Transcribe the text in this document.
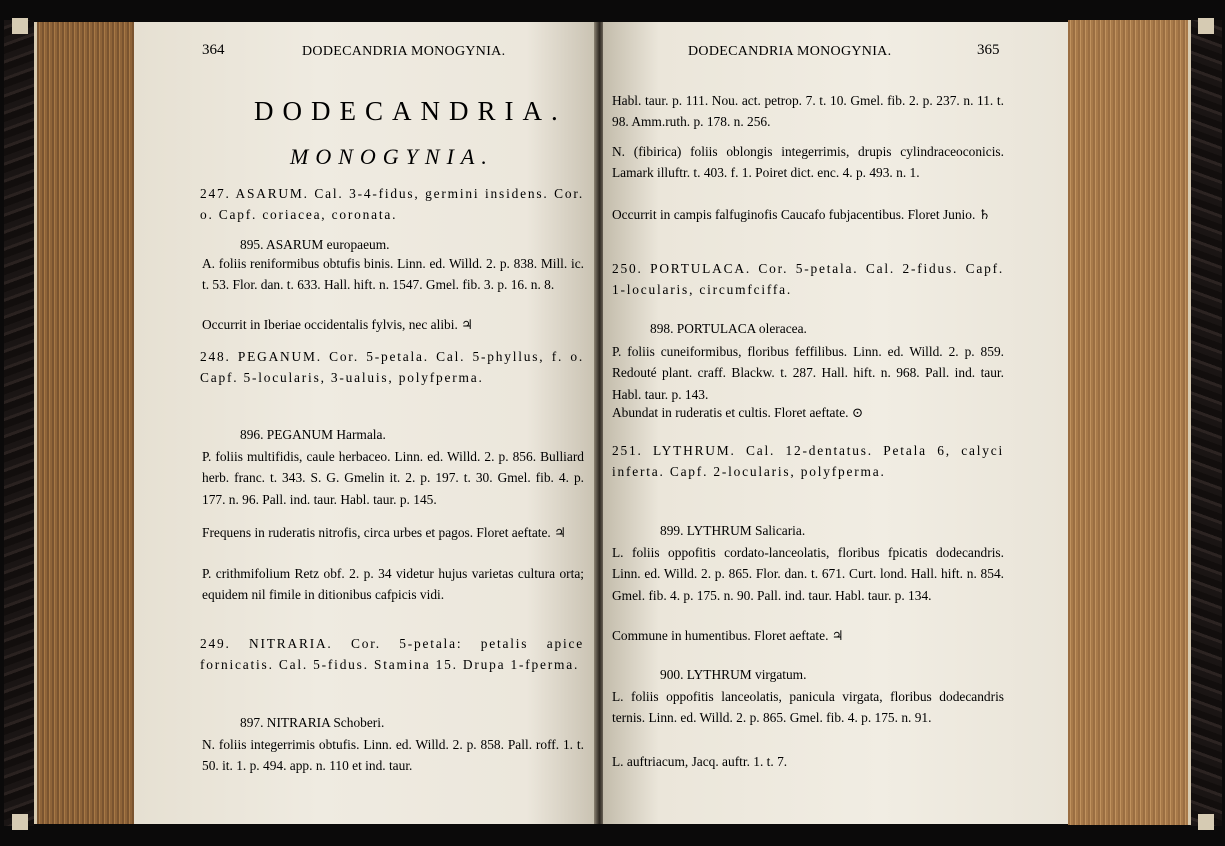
364	DODECANDRIA MONOGYNIA.
DODECANDRIA.
MONOGYNIA.
247. ASARUM. Cal. 3-4-fidus, germini insidens. Cor. o. Capf. coriacea, coronata.
895. ASARUM europaeum.
A. foliis reniformibus obtufis binis. Linn. ed. Willd. 2. p. 838. Mill. ic. t. 53. Flor. dan. t. 633. Hall. hift. n. 1547. Gmel. fib. 3. p. 16. n. 8.
Occurrit in Iberiae occidentalis fylvis, nec alibi. ♃
248. PEGANUM. Cor. 5-petala. Cal. 5-phyllus, f. o. Capf. 5-locularis, 3-ualuis, polyfperma.
896. PEGANUM Harmala.
P. foliis multifidis, caule herbaceo. Linn. ed. Willd. 2. p. 856. Bulliard herb. franc. t. 343. S. G. Gmelin it. 2. p. 197. t. 30. Gmel. fib. 4. p. 177. n. 96. Pall. ind. taur. Habl. taur. p. 145.
Frequens in ruderatis nitrofis, circa urbes et pagos. Floret aeftate. ♃
P. crithmifolium Retz obf. 2. p. 34 videtur hujus varietas cultura orta; equidem nil fimile in ditionibus cafpicis vidi.
249. NITRARIA. Cor. 5-petala: petalis apice fornicatis. Cal. 5-fidus. Stamina 15. Drupa 1-fperma.
897. NITRARIA Schoberi.
N. foliis integerrimis obtufis. Linn. ed. Willd. 2. p. 858. Pall. roff. 1. t. 50. it. 1. p. 494. app. n. 110 et ind. taur.
DODECANDRIA MONOGYNIA.	365
Habl. taur. p. 111. Nou. act. petrop. 7. t. 10. Gmel. fib. 2. p. 237. n. 11. t. 98. Amm.ruth. p. 178. n. 256.
N. (fibirica) foliis oblongis integerrimis, drupis cylindraceoconicis. Lamark illuftr. t. 403. f. 1. Poiret dict. enc. 4. p. 493. n. 1.
Occurrit in campis falfuginofis Caucafo fubjacentibus. Floret Junio. ♄
250. PORTULACA. Cor. 5-petala. Cal. 2-fidus. Capf. 1-locularis, circumfciffa.
898. PORTULACA oleracea.
P. foliis cuneiformibus, floribus feffilibus. Linn. ed. Willd. 2. p. 859. Redouté plant. craff. Blackw. t. 287. Hall. hift. n. 968. Pall. ind. taur. Habl. taur. p. 143.
Abundat in ruderatis et cultis. Floret aeftate. ⊙
251. LYTHRUM. Cal. 12-dentatus. Petala 6, calyci inferta. Capf. 2-locularis, polyfperma.
899. LYTHRUM Salicaria.
L. foliis oppofitis cordato-lanceolatis, floribus fpicatis dodecandris. Linn. ed. Willd. 2. p. 865. Flor. dan. t. 671. Curt. lond. Hall. hift. n. 854. Gmel. fib. 4. p. 175. n. 90. Pall. ind. taur. Habl. taur. p. 134.
Commune in humentibus. Floret aeftate. ♃
900. LYTHRUM virgatum.
L. foliis oppofitis lanceolatis, panicula virgata, floribus dodecandris ternis. Linn. ed. Willd. 2. p. 865. Gmel. fib. 4. p. 175. n. 91.
L. auftriacum, Jacq. auftr. 1. t. 7.
